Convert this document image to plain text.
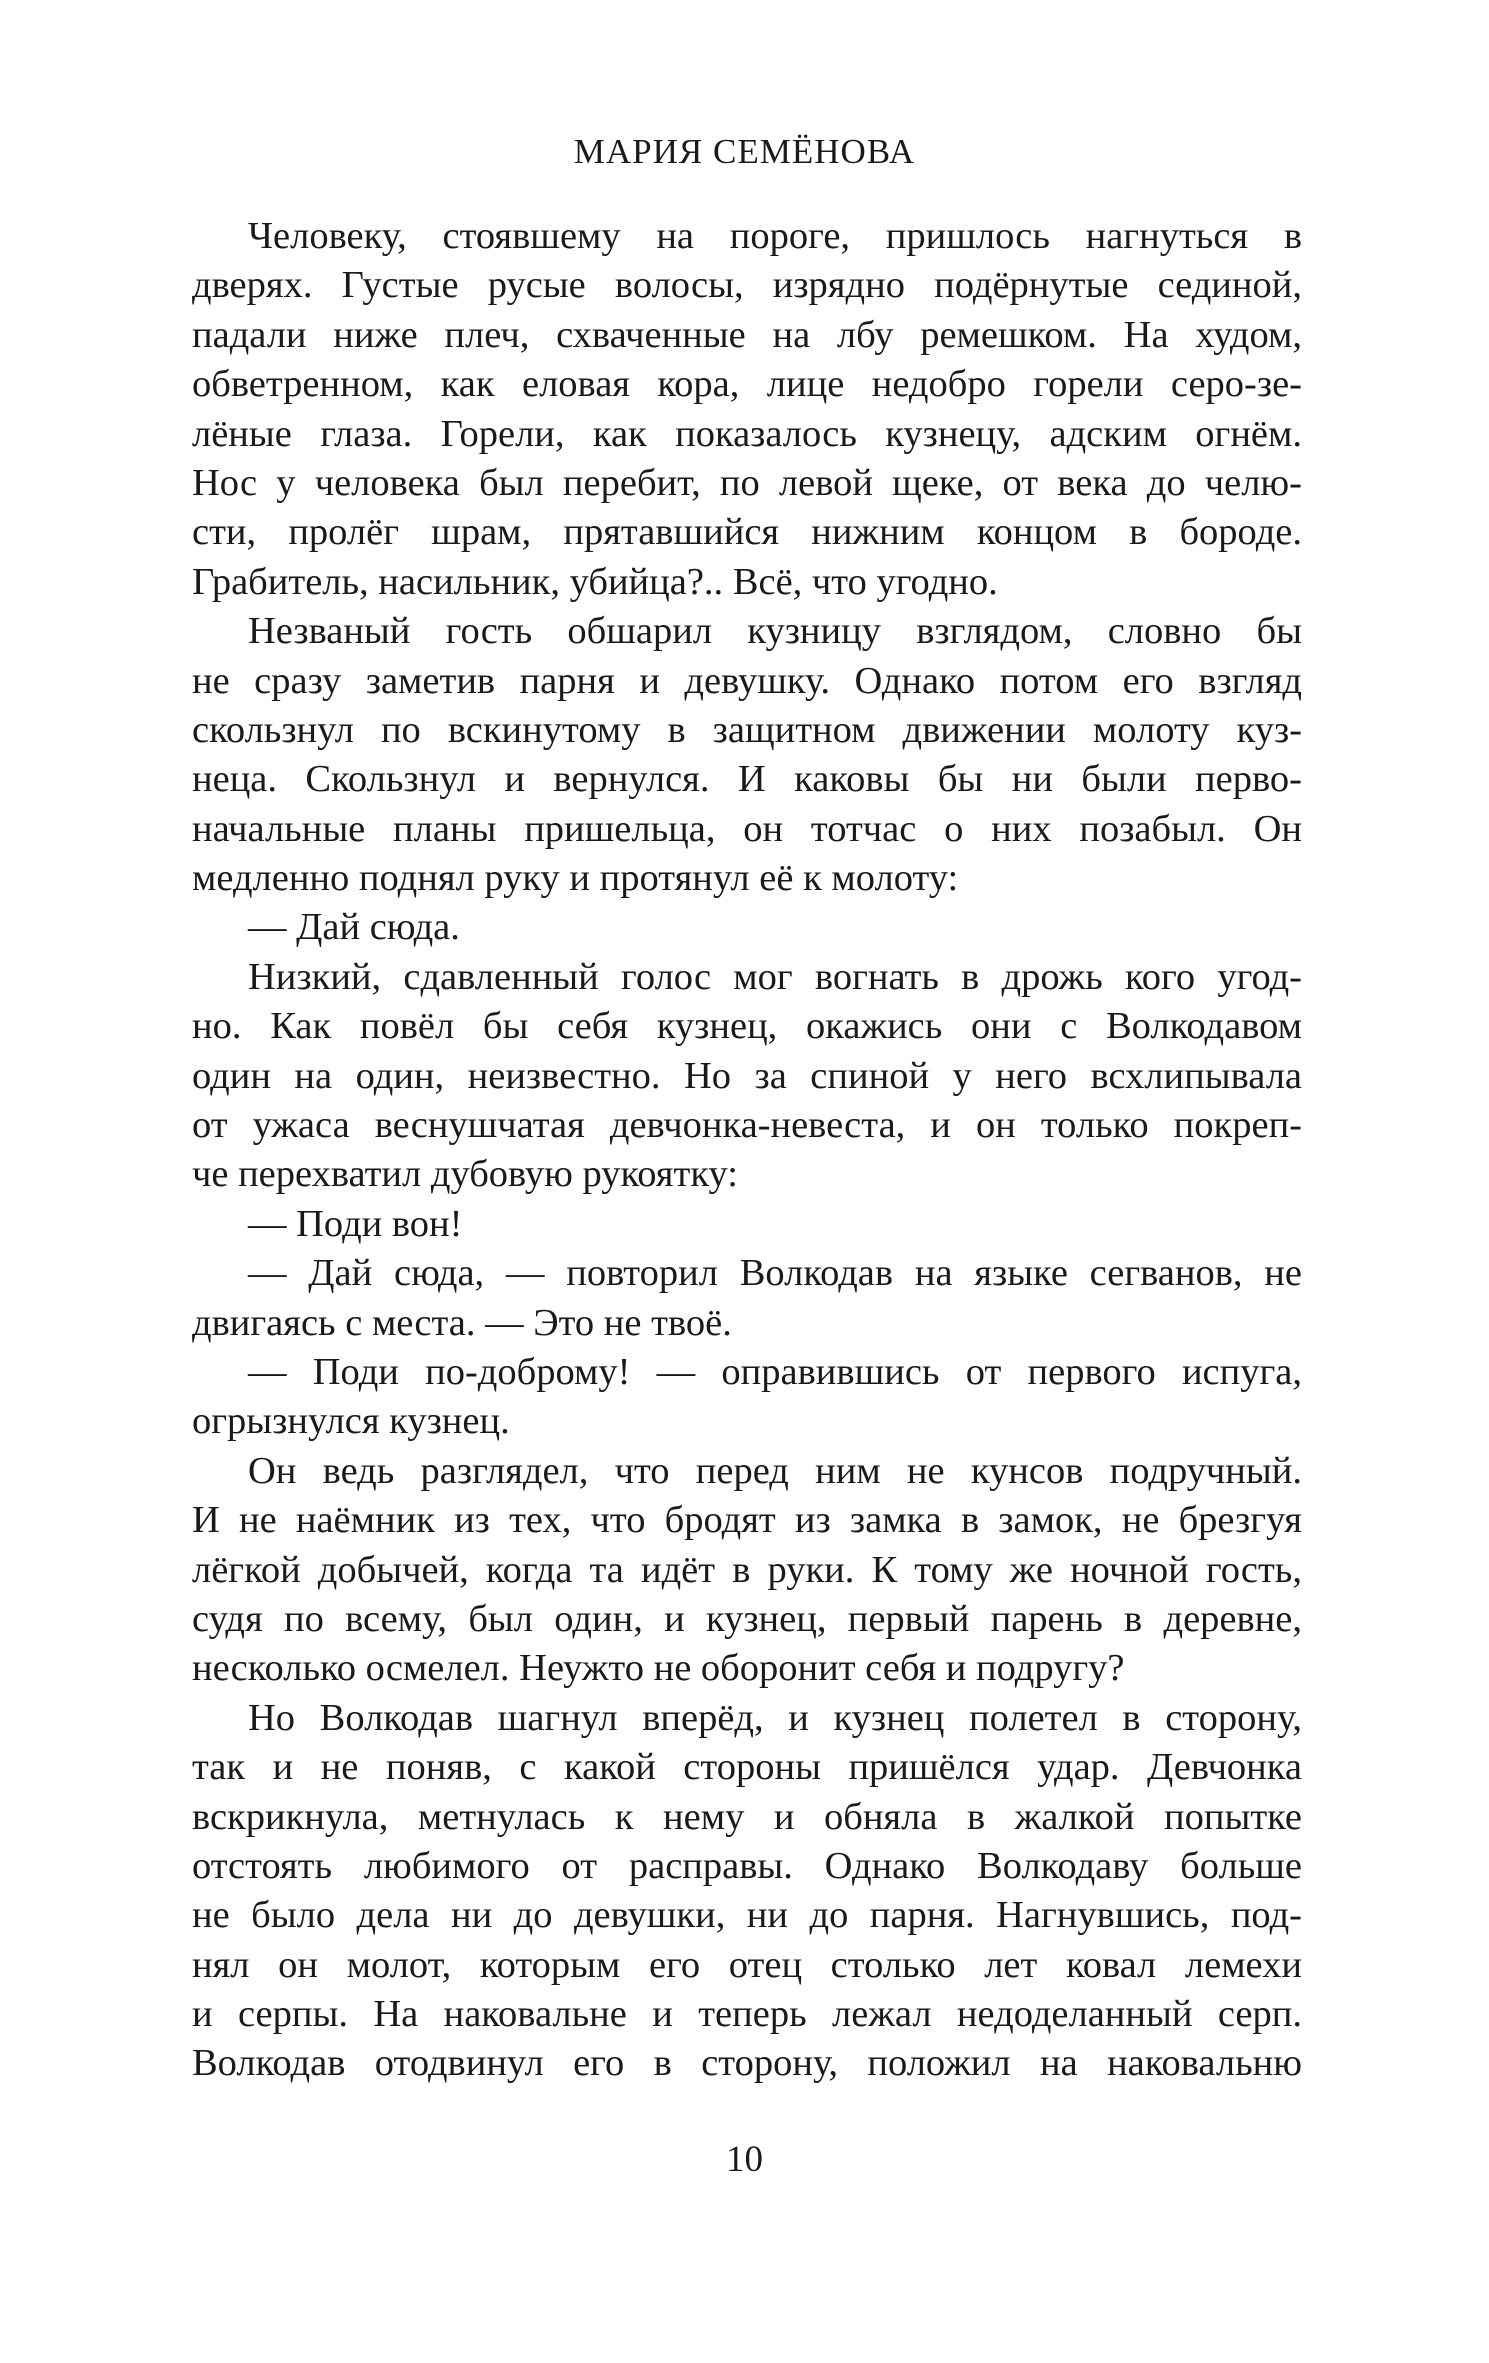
МАРИЯ СЕМЁНОВА
Человеку, стоявшему на пороге, пришлось нагнуться в
дверях. Густые русые волосы, изрядно подёрнутые сединой,
падали ниже плеч, схваченные на лбу ремешком. На худом,
обветренном, как еловая кора, лице недобро горели серо-зе-
лёные глаза. Горели, как показалось кузнецу, адским огнём.
Нос у человека был перебит, по левой щеке, от века до челю-
сти, пролёг шрам, прятавшийся нижним концом в бороде.
Грабитель, насильник, убийца?.. Всё, что угодно.
Незваный гость обшарил кузницу взглядом, словно бы
не сразу заметив парня и девушку. Однако потом его взгляд
скользнул по вскинутому в защитном движении молоту куз-
неца. Скользнул и вернулся. И каковы бы ни были перво-
начальные планы пришельца, он тотчас о них позабыл. Он
медленно поднял руку и протянул её к молоту:
— Дай сюда.
Низкий, сдавленный голос мог вогнать в дрожь кого угод-
но. Как повёл бы себя кузнец, окажись они с Волкодавом
один на один, неизвестно. Но за спиной у него всхлипывала
от ужаса веснушчатая девчонка-невеста, и он только покреп-
че перехватил дубовую рукоятку:
— Поди вон!
— Дай сюда, — повторил Волкодав на языке сегванов, не
двигаясь с места. — Это не твоё.
— Поди по-доброму! — оправившись от первого испуга,
огрызнулся кузнец.
Он ведь разглядел, что перед ним не кунсов подручный.
И не наёмник из тех, что бродят из замка в замок, не брезгуя
лёгкой добычей, когда та идёт в руки. К тому же ночной гость,
судя по всему, был один, и кузнец, первый парень в деревне,
несколько осмелел. Неужто не оборонит себя и подругу?
Но Волкодав шагнул вперёд, и кузнец полетел в сторону,
так и не поняв, с какой стороны пришёлся удар. Девчонка
вскрикнула, метнулась к нему и обняла в жалкой попытке
отстоять любимого от расправы. Однако Волкодаву больше
не было дела ни до девушки, ни до парня. Нагнувшись, под-
нял он молот, которым его отец столько лет ковал лемехи
и серпы. На наковальне и теперь лежал недоделанный серп.
Волкодав отодвинул его в сторону, положил на наковальню
10
